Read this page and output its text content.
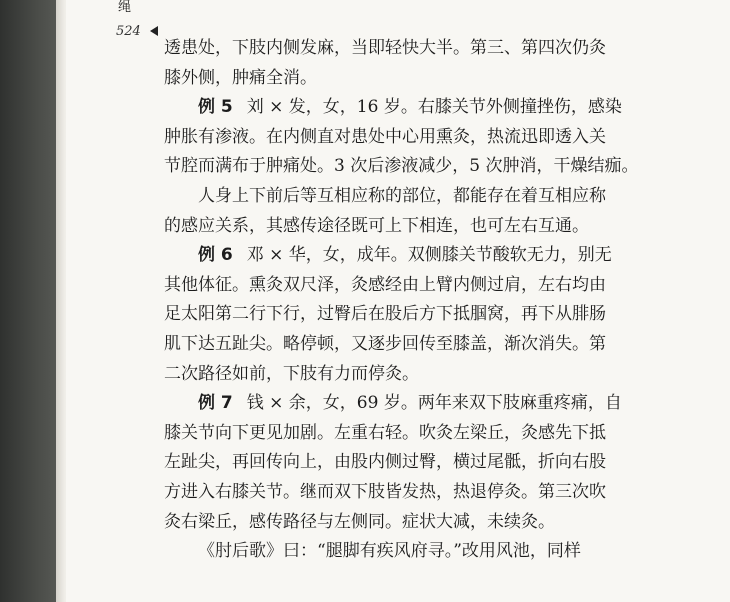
绳
524
透患处，下肢内侧发麻，当即轻快大半。第三、第四次仍灸
膝外侧，肿痛全消。
例 5 刘 × 发，女，16 岁。右膝关节外侧撞挫伤，感染
肿胀有渗液。在内侧直对患处中心用熏灸，热流迅即透入关
节腔而满布于肿痛处。3 次后渗液减少，5 次肿消，干燥结痂。
人身上下前后等互相应称的部位，都能存在着互相应称
的感应关系，其感传途径既可上下相连，也可左右互通。
例 6 邓 × 华，女，成年。双侧膝关节酸软无力，别无
其他体征。熏灸双尺泽，灸感经由上臂内侧过肩，左右均由
足太阳第二行下行，过臀后在股后方下抵腘窝，再下从腓肠
肌下达五趾尖。略停顿，又逐步回传至膝盖，渐次消失。第
二次路径如前，下肢有力而停灸。
例 7 钱 × 余，女，69 岁。两年来双下肢麻重疼痛，自
膝关节向下更见加剧。左重右轻。吹灸左梁丘，灸感先下抵
左趾尖，再回传向上，由股内侧过臀，横过尾骶，折向右股
方进入右膝关节。继而双下肢皆发热，热退停灸。第三次吹
灸右梁丘，感传路径与左侧同。症状大减，未续灸。
《肘后歌》曰：“腿脚有疾风府寻。”改用风池，同样
